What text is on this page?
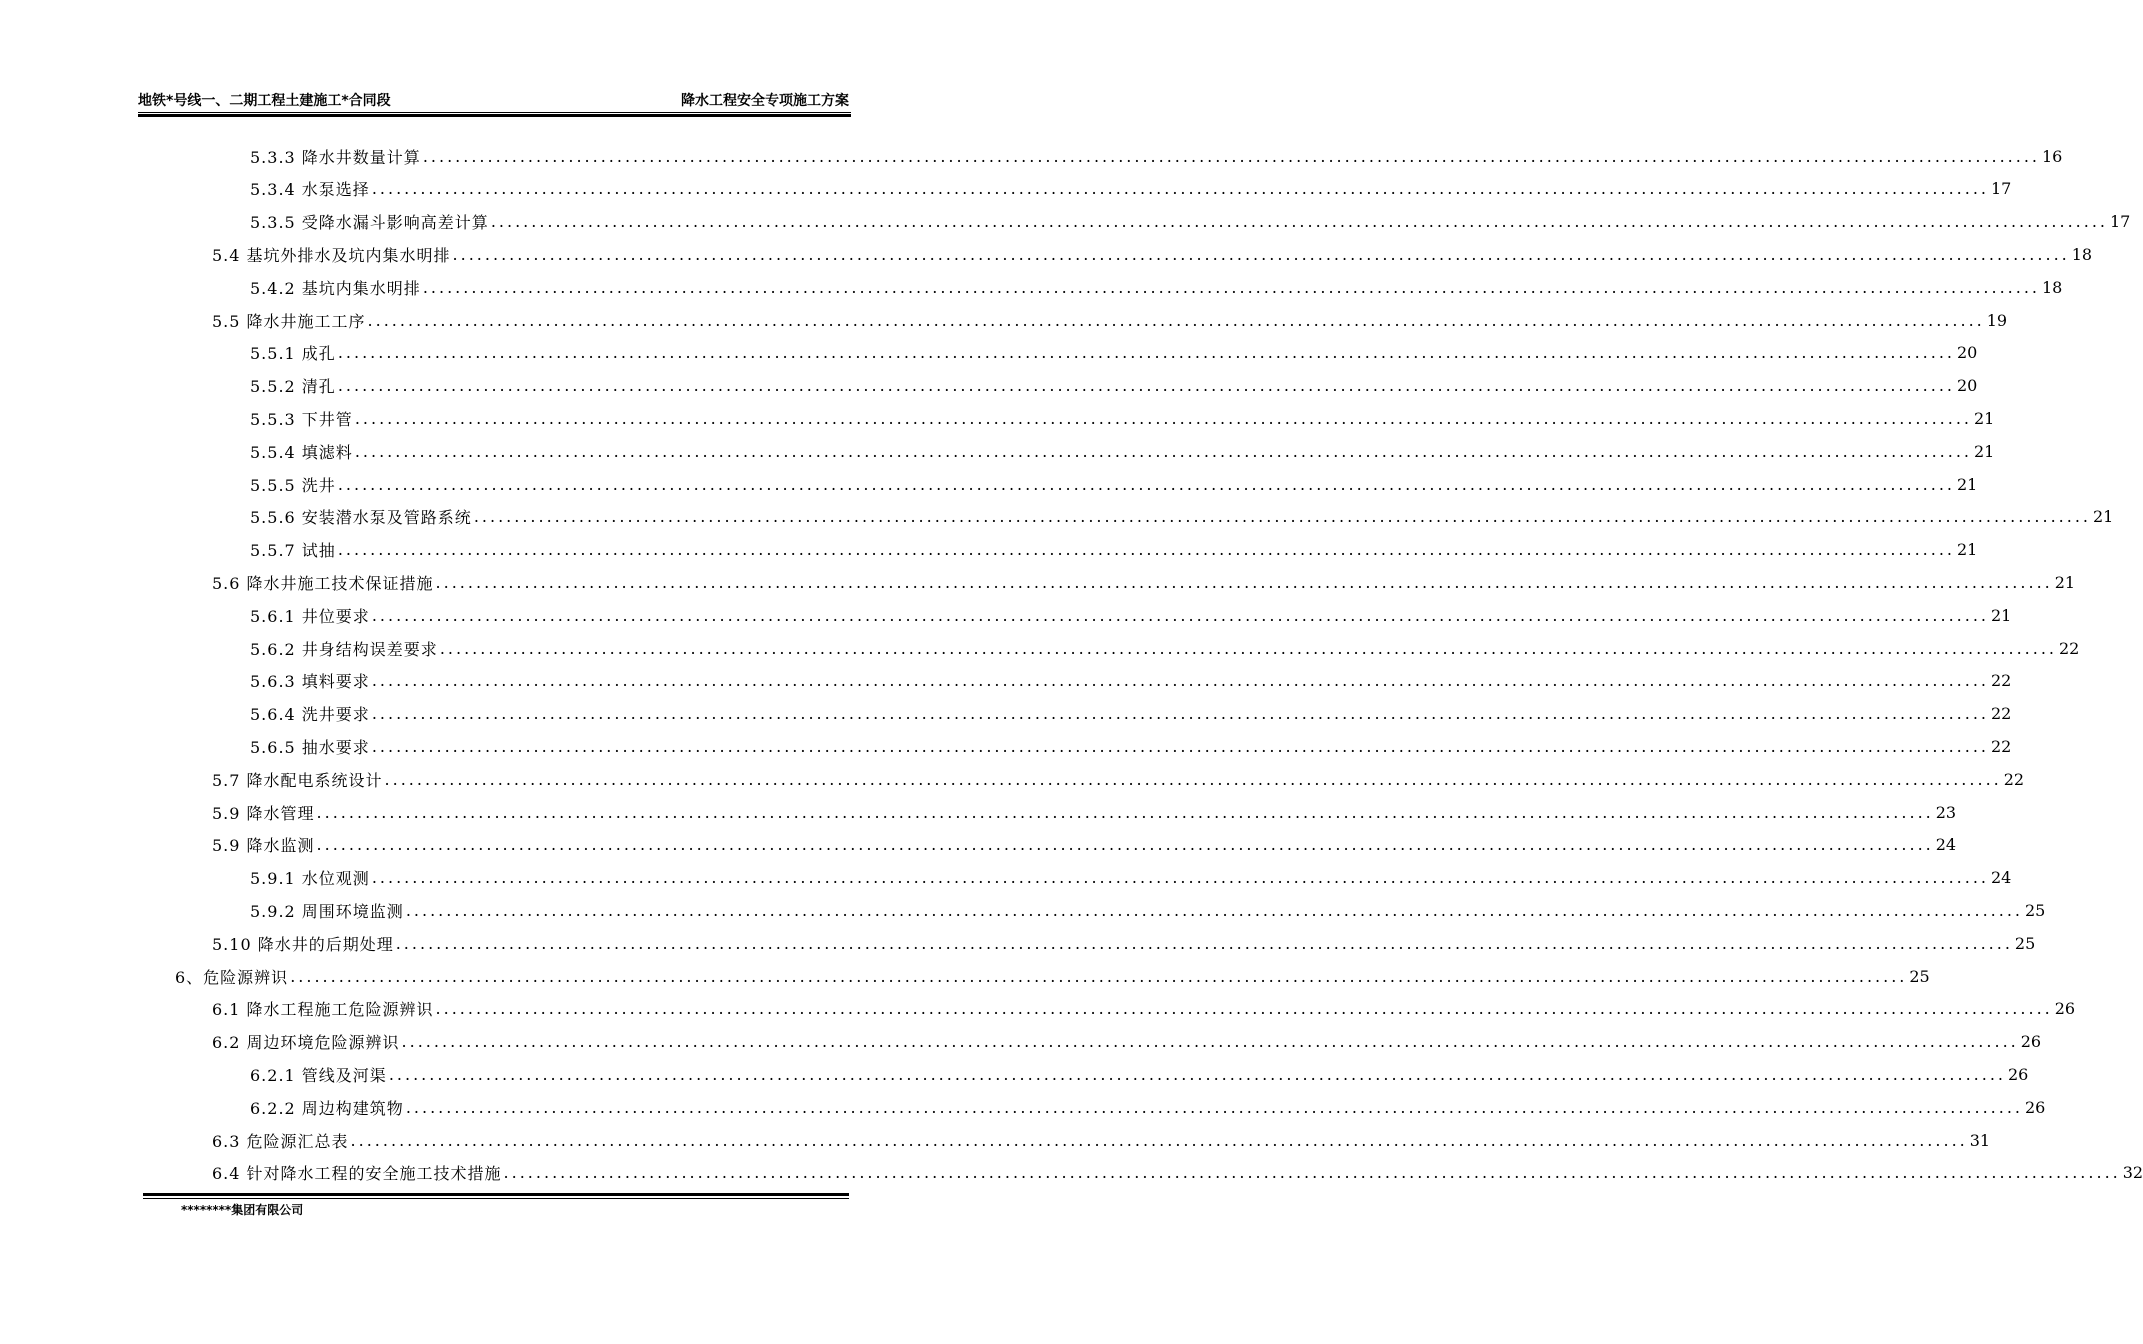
地铁*号线一、二期工程土建施工*合同段	降水工程安全专项施工方案
5.3.3 降水井数量计算 ........................................................................................................................................................................................................ 16
5.3.4 水泵选择 ........................................................................................................................................................................................................ 17
5.3.5 受降水漏斗影响高差计算 ........................................................................................................................................................................................................ 17
5.4 基坑外排水及坑内集水明排 ........................................................................................................................................................................................................ 18
5.4.2 基坑内集水明排 ........................................................................................................................................................................................................ 18
5.5 降水井施工工序 ........................................................................................................................................................................................................ 19
5.5.1 成孔 ........................................................................................................................................................................................................ 20
5.5.2 清孔 ........................................................................................................................................................................................................ 20
5.5.3 下井管 ........................................................................................................................................................................................................ 21
5.5.4 填滤料 ........................................................................................................................................................................................................ 21
5.5.5 洗井 ........................................................................................................................................................................................................ 21
5.5.6 安装潜水泵及管路系统 ........................................................................................................................................................................................................ 21
5.5.7 试抽 ........................................................................................................................................................................................................ 21
5.6 降水井施工技术保证措施 ........................................................................................................................................................................................................ 21
5.6.1 井位要求 ........................................................................................................................................................................................................ 21
5.6.2 井身结构误差要求 ........................................................................................................................................................................................................ 22
5.6.3 填料要求 ........................................................................................................................................................................................................ 22
5.6.4 洗井要求 ........................................................................................................................................................................................................ 22
5.6.5 抽水要求 ........................................................................................................................................................................................................ 22
5.7 降水配电系统设计 ........................................................................................................................................................................................................ 22
5.9 降水管理 ........................................................................................................................................................................................................ 23
5.9 降水监测 ........................................................................................................................................................................................................ 24
5.9.1 水位观测 ........................................................................................................................................................................................................ 24
5.9.2 周围环境监测 ........................................................................................................................................................................................................ 25
5.10 降水井的后期处理 ........................................................................................................................................................................................................ 25
6、危险源辨识 ........................................................................................................................................................................................................ 25
6.1 降水工程施工危险源辨识 ........................................................................................................................................................................................................ 26
6.2 周边环境危险源辨识 ........................................................................................................................................................................................................ 26
6.2.1 管线及河渠 ........................................................................................................................................................................................................ 26
6.2.2 周边构建筑物 ........................................................................................................................................................................................................ 26
6.3 危险源汇总表 ........................................................................................................................................................................................................ 31
6.4 针对降水工程的安全施工技术措施 ........................................................................................................................................................................................................ 32
********集团有限公司
